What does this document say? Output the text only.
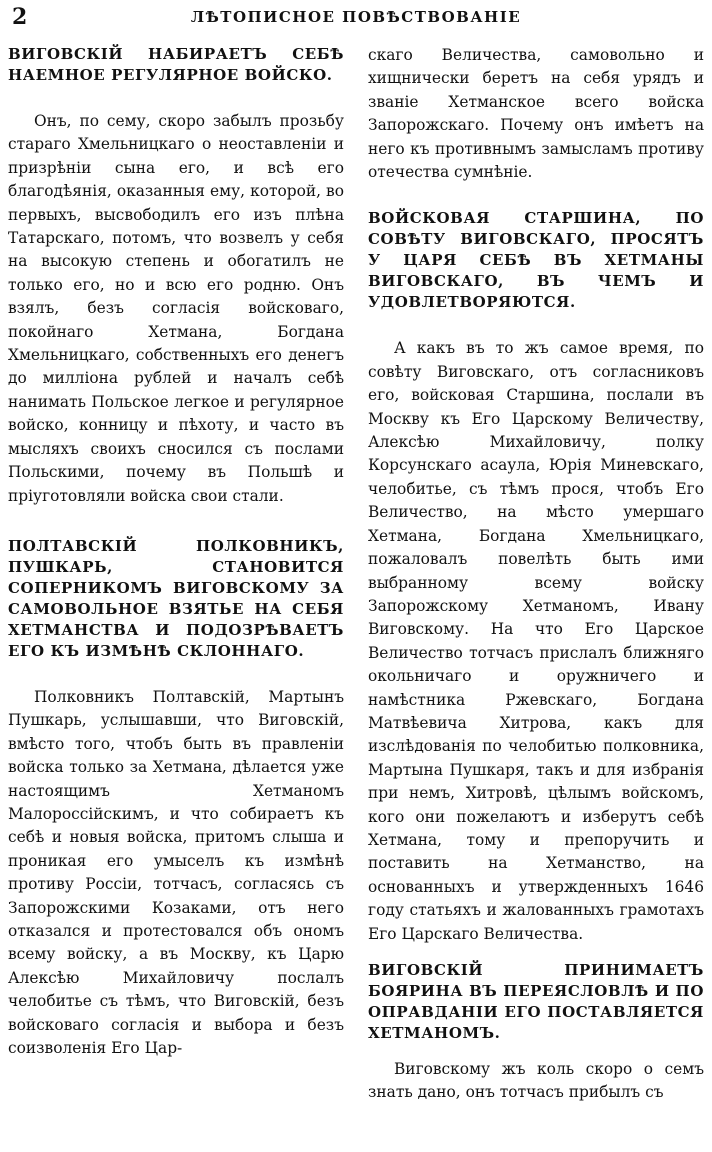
2	ЛѢТОПИСНОЕ ПОВѢСТВОВАНІЕ

ВИГОВСКІЙ НАБИРАЕТЪ СЕБѢ НАЕМНОЕ РЕГУЛЯРНОЕ ВОЙСКО.

Онъ, по сему, скоро забылъ прозьбу стараго Хмельницкаго о неоставленіи и призрѣніи сына его, и всѣ его благодѣянія, оказанныя ему, которой, во первыхъ, высвободилъ его изъ плѣна Татарскаго, потомъ, что возвелъ у себя на высокую степень и обогатилъ не только его, но и всю его родню. Онъ взялъ, безъ согласія войсковаго, покойнаго Хетмана, Богдана Хмельницкаго, собственныхъ его денегъ до милліона рублей и началъ себѣ нанимать Польское легкое и регулярное войско, конницу и пѣхоту, и часто въ мысляхъ своихъ сносился съ послами Польскими, почему въ Польшѣ и пріуготовляли войска свои стали.

ПОЛТАВСКІЙ ПОЛКОВНИКЪ, ПУШКАРЬ, СТАНОВИТСЯ СОПЕРНИКОМЪ ВИГОВСКОМУ ЗА САМОВОЛЬНОЕ ВЗЯТЬЕ НА СЕБЯ ХЕТМАНСТВА И ПОДОЗРѢВАЕТЪ ЕГО КЪ ИЗМѢНѢ СКЛОННАГО.

Полковникъ Полтавскій, Мартынъ Пушкарь, услышавши, что Виговскій, вмѣсто того, чтобъ быть въ правленіи войска только за Хетмана, дѣлается уже настоящимъ Хетманомъ Малороссійскимъ, и что собираетъ къ себѣ и новыя войска, притомъ слыша и проникая его умыселъ къ измѣнѣ противу Россіи, тотчасъ, согласясь съ Запорожскими Козаками, отъ него отказался и протестовался объ ономъ всему войску, а въ Москву, къ Царю Алексѣю Михайловичу послалъ челобитье съ тѣмъ, что Виговскій, безъ войсковаго согласія и выбора и безъ соизволенія Его Цар-

скаго Величества, самовольно и хищнически беретъ на себя урядъ и званіе Хетманское всего войска Запорожскаго. Почему онъ имѣетъ на него къ противнымъ замысламъ противу отечества сумнѣніе.

ВОЙСКОВАЯ СТАРШИНА, ПО СОВѢТУ ВИГОВСКАГО, ПРОСЯТЪ У ЦАРЯ СЕБѢ ВЪ ХЕТМАНЫ ВИГОВСКАГО, ВЪ ЧЕМЪ И УДОВЛЕТВОРЯЮТСЯ.

А какъ въ то жъ самое время, по совѣту Виговскаго, отъ согласниковъ его, войсковая Старшина, послали въ Москву къ Его Царскому Величеству, Алексѣю Михайловичу, полку Корсунскаго асаула, Юрія Миневскаго, челобитье, съ тѣмъ прося, чтобъ Его Величество, на мѣсто умершаго Хетмана, Богдана Хмельницкаго, пожаловалъ повелѣть быть ими выбранному всему войску Запорожскому Хетманомъ, Ивану Виговскому. На что Его Царское Величество тотчасъ прислалъ ближняго окольничаго и оружничего и намѣстника Ржевскаго, Богдана Матвѣевича Хитрова, какъ для изслѣдованія по челобитью полковника, Мартына Пушкаря, такъ и для избранія при немъ, Хитровѣ, цѣлымъ войскомъ, кого они пожелаютъ и изберутъ себѣ Хетмана, тому и препоручить и поставить на Хетманство, на основанныхъ и утвержденныхъ 1646 году статьяхъ и жалованныхъ грамотахъ Его Царскаго Величества.

ВИГОВСКІЙ ПРИНИМАЕТЪ БОЯРИНА ВЪ ПЕРЕЯСЛОВЛѢ И ПО ОПРАВДАНІИ ЕГО ПОСТАВЛЯЕТСЯ ХЕТМАНОМЪ.

Виговскому жъ коль скоро о семъ знать дано, онъ тотчасъ прибылъ съ
